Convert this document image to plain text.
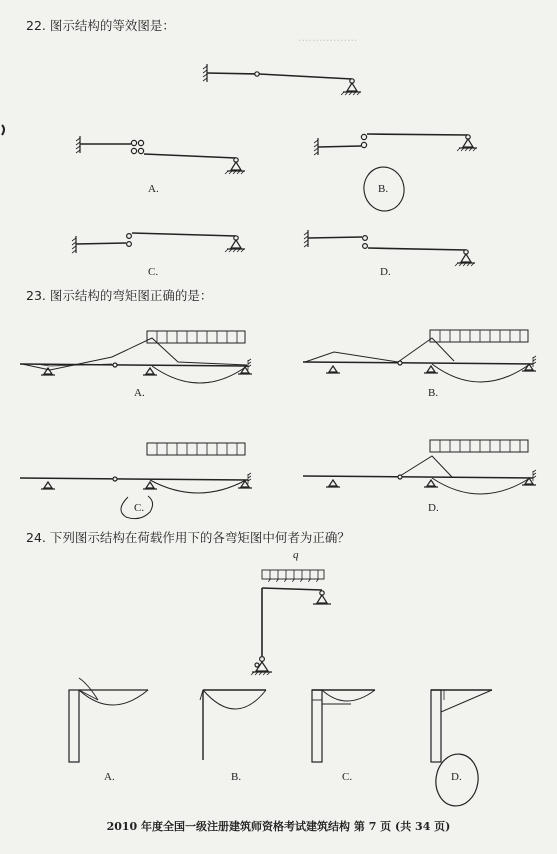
·················
22. 图示结构的等效图是：
A.	B.
C.	D.
23. 图示结构的弯矩图正确的是：
A.	B.
C.	D.
24. 下列图示结构在荷载作用下的各弯矩图中何者为正确？
q
A.	B.	C.	D.
2010 年度全国一级注册建筑师资格考试建筑结构 第 7 页 (共 34 页)
